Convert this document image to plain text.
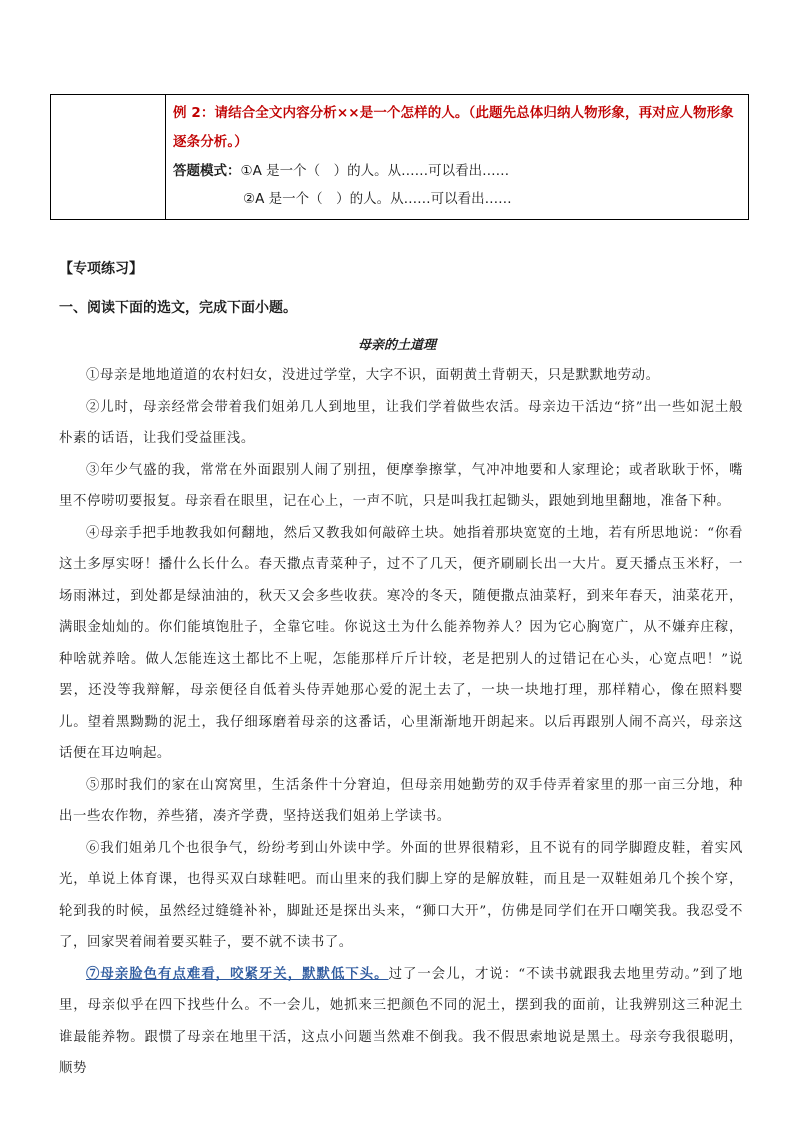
例 2：请结合全文内容分析××是一个怎样的人。（此题先总体归纳人物形象，再对应人物形象逐条分析。）
答题模式：①A 是一个（　）的人。从……可以看出……
②A 是一个（　）的人。从……可以看出……
【专项练习】
一、阅读下面的选文，完成下面小题。
母亲的土道理

①母亲是地地道道的农村妇女，没进过学堂，大字不识，面朝黄土背朝天，只是默默地劳动。

②儿时，母亲经常会带着我们姐弟几人到地里，让我们学着做些农活。母亲边干活边“挤”出一些如泥土般朴素的话语，让我们受益匪浅。

③年少气盛的我，常常在外面跟别人闹了别扭，便摩拳擦掌，气冲冲地要和人家理论；或者耿耿于怀，嘴里不停唠叨要报复。母亲看在眼里，记在心上，一声不吭，只是叫我扛起锄头，跟她到地里翻地，准备下种。

④母亲手把手地教我如何翻地，然后又教我如何敲碎土块。她指着那块宽宽的土地，若有所思地说：“你看这土多厚实呀！播什么长什么。春天撒点青菜种子，过不了几天，便齐刷刷长出一大片。夏天播点玉米籽，一场雨淋过，到处都是绿油油的，秋天又会多些收获。寒冷的冬天，随便撒点油菜籽，到来年春天，油菜花开，满眼金灿灿的。你们能填饱肚子，全靠它哇。你说这土为什么能养物养人？因为它心胸宽广，从不嫌弃庄稼，种啥就养啥。做人怎能连这土都比不上呢，怎能那样斤斤计较，老是把别人的过错记在心头，心宽点吧！”说罢，还没等我辩解，母亲便径自低着头侍弄她那心爱的泥土去了，一块一块地打理，那样精心，像在照料婴儿。望着黑黝黝的泥土，我仔细琢磨着母亲的这番话，心里渐渐地开朗起来。以后再跟别人闹不高兴，母亲这话便在耳边响起。

⑤那时我们的家在山窝窝里，生活条件十分窘迫，但母亲用她勤劳的双手侍弄着家里的那一亩三分地，种出一些农作物，养些猪，凑齐学费，坚持送我们姐弟上学读书。

⑥我们姐弟几个也很争气，纷纷考到山外读中学。外面的世界很精彩，且不说有的同学脚蹬皮鞋，着实风光，单说上体育课，也得买双白球鞋吧。而山里来的我们脚上穿的是解放鞋，而且是一双鞋姐弟几个挨个穿，轮到我的时候，虽然经过缝缝补补，脚趾还是探出头来，“狮口大开”，仿佛是同学们在开口嘲笑我。我忍受不了，回家哭着闹着要买鞋子，要不就不读书了。

⑦母亲脸色有点难看，咬紧牙关，默默低下头。过了一会儿，才说：“不读书就跟我去地里劳动。”到了地里，母亲似乎在四下找些什么。不一会儿，她抓来三把颜色不同的泥土，摆到我的面前，让我辨别这三种泥土谁最能养物。跟惯了母亲在地里干活，这点小问题当然难不倒我。我不假思索地说是黑土。母亲夸我很聪明，顺势
